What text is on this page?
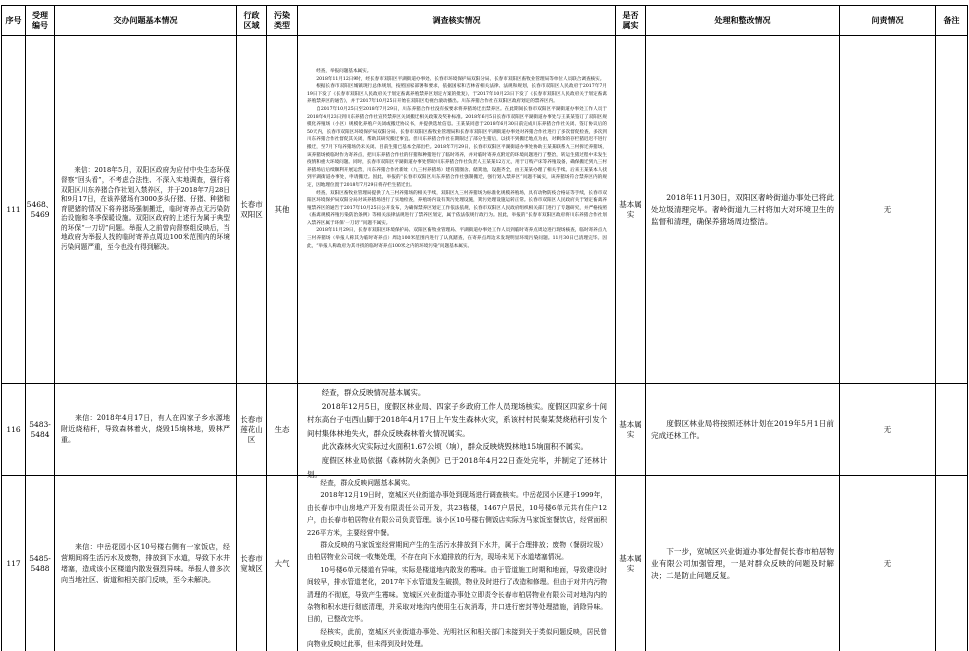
序号
受理编号
交办问题基本情况
行政区域
污染类型
调查核实情况
是否属实
处理和整改情况	问责情况	备注
111
5468、5469
来信：2018年5月，双阳区政府为应付中央生态环保督察“回头看”，不考虑合法性、不深入实地调查，强行将双阳区川东养猪合作社划入禁养区，并于2018年7月28日和9月17日，在该养猪场有3000多头仔猪、仔猪、种猪和育肥猪的情况下将养猪场强制搬迁，临时寄养点无污染防治设施和冬季保暖设施。双阳区政府的上述行为属于典型的环保“一刀切”问题。举报人之前曾向督察组反映后，当地政府为举报人找的临时寄养点周边100米范围内的环境污染问题严重，至今也没有得到解决。
长春市双阳区
其他

经查，举报问题基本属实。

2018年11月12日9时，经长春市双阳区平湖街道办事处、长春市环境保护局双阳分局、长春市双阳区畜牧业管理局等单位人员联合调查核实。

根据长春市双阳区城镇现行总体规划，按照国家部署和要求，依据国家和吉林省相关法律、法规和规划，长春市双阳区人民政府于2017年7月19日下发了《长春市双阳区人民政府关于划定畜禽养殖禁养区划定方案的批复》，于2017年10月23日下发了《长春市双阳区人民政府关于划定畜禽养殖禁养区的通告》，并于2017年10月25日开始在双阳区电视台滚动播出。川东养猪合作社在双阳区政府划定的禁养区内。

自2017年10月25日至2018年7月29日，川东养猪合作社没有按要求将养猪场迁出禁养区。在此期间长春市双阳区平湖街道办事处工作人员于2018年4月23日到川东养猪合作社宣传禁养区关闭搬迁相关政策及奖补标准。2018年6月5日长春市双阳区平湖街道办事处与王某某签订了双阳区规模化养殖场（小区）规模化养殖户关闭或搬迁协议书，并提供选址信息。王某某同意于2018年6月30日前完成川东养猪合作社关闭、签订协议后的50天内，长春市双阳区环境保护局双阳分局、长春市双阳区畜牧业管理局和长春市双阳区平湖街道办事处对养猪合作社进行了多次督促检查，多次到川东养猪合作社督促其关闭，帮助其研究搬迁事宜。但川东养猪合作社在期限过了部分生猪后，以找不到搬迁地点为由，对剩余的存栏猪迟迟不进行搬迁，至7月下旬养猪场仍未关闭。目前生猪已基本全部出栏。2018年7月29日，长春市双阳区平湖街道办事处协助王某某联系九三村拆迁养猪场，该养猪场被临时作为寄养点，把川东养猪合作社的仔猪和种猪进行了临时寄养，并对临时寄养点附近的环境问题进行了整治，转运生猪过程中未发生疫情和重大环境问题。同时，长春市双阳区平湖街道办事处帮助川东养猪合作社负责人王某某12万元，用于订购产床等养殖设备，确保搬迁到九三村养猪场后后续顺利开展运营，川东养猪合作社新址（九三村养猪场）建有猪圈舍、储粪池，设施齐全，由王某某办理了相关手续。后来王某某本人找到平湖街道办事处，申请搬迁。因此，举报的“长春市双阳区川东养猪合作社强制搬迁，强行划入禁养区”问题不属实，该养猪场符合禁养区内的规定，因地理位置于2018年7月29日将存栏生猪迁出。

经查，双阳区畜牧业管理局提供了九三村养猪场的相关手续，双阳区九三村养猪场为标准化规模养殖场，具有动物防疫合格证等手续，长春市双阳区环境保护局双阳分局对该养猪场进行了实地检查，养殖场内设有粪污处理设施，粪污处理设施运转正常。长春市双阳区人民政府关于划定畜禽养殖禁养区的通告于2017年10月25日公开发布，为确保禁养区划定工作依法依规，长春市双阳区人民政府组织相关部门进行了专题研究，并严格按照《畜禽规模养殖污染防治条例》等相关法律法规进行了禁养区划定，属于依法依规行政行为。因此，举报的“长春市双阳区政府将川东养猪合作社划入禁养区属于环保‘一刀切’”问题不属实。

2018年11月29日，长春市双阳区环境保护局、双阳区畜牧业管理局、平湖街道办事处工作人员到临时寄养点周边进行现场核查，临时寄养点九三村养猪场（举报人称其为临时寄养点）周边100米范围内进行了认真踏查，在寄养点周边未发现明显环境污染问题。11月30日已清理完毕。因此，“举报人称政府为其寻找的临时寄养点100米之内的环境污染”问题基本属实。

基本属实
2018年11月30日，双阳区奢岭街道办事处已将此处垃圾清理完毕。奢岭街道九三村将加大对环境卫生的监督和清理，确保养猪场周边整洁。
无
116
5483-5484
来信：2018年4月17日，有人在四家子乡水源地附近烧秸秆，导致森林着火，烧毁15垧林地，毁林严重。
长春市莲花山区
生态

经查，群众反映情况基本属实。

2018年12月5日，度假区林业局、四家子乡政府工作人员现场核实。度假区四家乡十间村东高台子屯西山脚于2018年4月17日上午发生森林火灾，系该村村民秦某焚烧秸秆引发个间村集体林地失火，群众反映森林着火情况属实。

此次森林火灾实际过火面积1.67公顷（垧），群众反映烧毁林地15垧面积不属实。

度假区林业局依据《森林防火条例》已于2018年4月22日查处完毕，并制定了还林计划。

基本属实
度假区林业局将按照还林计划在2019年5月1日前完成还林工作。
无
117
5485-5488
来信：中岳花园小区10号楼右侧有一家饭店，经营期间将生活污水及废物，排放到下水道，导致下水井堵塞，造成该小区楼道内散发强烈异味。举报人曾多次向当地社区、街道和相关部门反映，至今未解决。
长春市宽城区
大气

经查，群众反映问题基本属实。

2018年12月19日时，宽城区兴业街道办事处到现场进行调查核实。中岳花园小区建于1999年，由长春市中山房地产开发有限责任公司开发，共23栋楼，1467户居民，10号楼6单元共有住户12户，由长春市柏居物业有限公司负责管理。该小区10号楼右侧饭店实际为马家饭室餐饮店，经营面积226平方米，主要经营中餐。

群众反映的马家饭室经营期间产生的生活污水排放到下水井，属于合理排放；废物（餐厨垃圾）由柏居物业公司统一收集处理，不存在向下水道排放的行为，现场未见下水道堵塞情况。

10号楼6单元楼道有异味，实际是楼道地内散发的霉味。由于管道施工时期和地面，导致建设时间较早，排水管道老化，2017年下水管道发生破损，物业及时进行了改造和修理。但由于对井内污物清理的不彻底，导致产生霉味。宽城区兴业街道办事处立即责令长春市柏居物业有限公司对地沟内的杂物和积水进行彻底清理，并采取对地沟内使用生石灰消毒，井口进行密封等处理措施，消除异味。目前，已整改完毕。

经核实，此前，宽城区兴业街道办事处、光明社区和相关部门未接到关于类似问题反映，居民曾向物业反映过此事，但未得到及时处理。

基本属实
下一步，宽城区兴业街道办事处督促长春市柏居物业有限公司加强管理，一是对群众反映的问题及时解决；二是防止问题反复。
无
